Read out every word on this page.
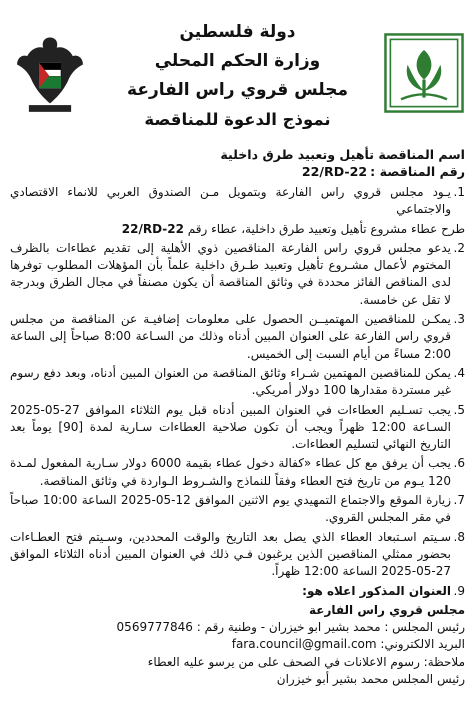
دولة فلسطين
وزارة الحكم المحلي
مجلس قروي راس الفارعة
نموذج الدعوة للمناقصة
اسم المناقصة تأهيل وتعبيد طرق داخلية
رقم المناقصة :22/RD-22
1.
يـود مجلس قروي راس الفارعة وبتمويل مـن الصندوق العربي للانماء الاقتصادي والاجتماعي
طرح عطاء مشروع تأهيل وتعبيد طرق داخلية، عطاء رقم 22/RD-22
2.
يدعو مجلس قروي راس الفارعة المناقصين ذوي الأهلية إلى تقديم عطاءات بالظرف المختوم لأعمال مشـروع تأهيل وتعبيد طـرق داخلية علماً بأن المؤهلات المطلوب توفرها لدى المناقص الفائز محددة في وثائق المناقصة أن يكون مصنفاً في مجال الطرق وبدرجة لا تقل عن خامسة.
3.
يمكـن للمناقصين المهتميــن الحصول على معلومات إضافيـة عن المناقصة من مجلس قروي راس الفارعة على العنوان المبين أدناه وذلك من السـاعة 8:00 صباحاً إلى الساعة 2:00 مساءً من أيام السبت إلى الخميس.
4.
يمكن للمناقصين المهتمين شـراء وثائق المناقصة من العنوان المبين أدناه، وبعد دفع رسوم غير مستردة مقدارها 100 دولار أمريكي.
5.
يجب تسـليم العطاءات في العنوان المبين أدناه قبل يوم الثلاثاء الموافق 27-05-2025 السـاعة 12:00 ظهراً ويجب أن تكون صلاحية العطاءات سـارية لمدة [90] يوماً بعد التاريخ النهائي لتسليم العطاءات.
6.
يجب أن يرفق مع كل عطاء «كفالة دخول عطاء بقيمة 6000 دولار سـارية المفعول لمـدة 120 يـوم من تاريخ فتح العطاء وفقاً للنماذج والشـروط الـواردة في وثائق المناقصة.
7.
زيارة الموقع والاجتماع التمهيدي يوم الاثنين الموافق 12-05-2025 الساعة 10:00 صباحاً في مقر المجلس القروي.
8.
سـيتم اسـتبعاد العطاء الذي يصل بعد التاريخ والوقت المحددين، وسـيتم فتح العطـاءات بحضور ممثلي المناقصين الذين يرغبون فـي ذلك في العنوان المبين أدناه الثلاثاء الموافق 27-05-2025 الساعة 12:00 ظهراً.
9.
العنوان المذكور اعلاه هو:
مجلس قروي راس الفارعة
رئيس المجلس : محمد بشير ابو خيزران - وطنية رقم : 0569777846
البريد الالكتروني: fara.council@gmail.com
ملاحظة: رسوم الاعلانات في الصحف على من يرسو عليه العطاء
رئيس المجلس محمد بشير أبو خيزران
